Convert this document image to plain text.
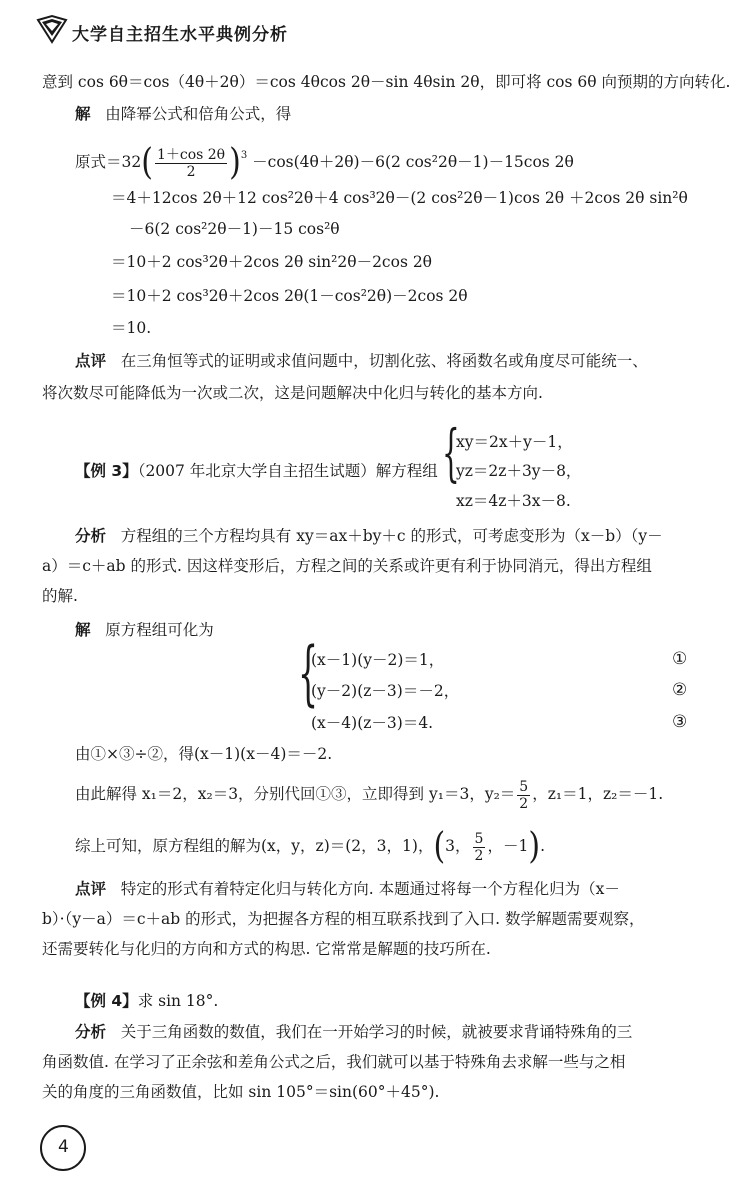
大学自主招生水平典例分析
意到 cos 6θ＝cos（4θ＋2θ）＝cos 4θcos 2θ－sin 4θsin 2θ，即可将 cos 6θ 向预期的方向转化.
解 由降幂公式和倍角公式，得
原式$=32( \frac{1+\cos 2\theta}{2} )^3 -\cos(4\theta+2\theta)-6(2$ cos²2θ－1)－15cos 2θ
＝4＋12cos 2θ＋12 cos²2θ＋4 cos³2θ－(2 cos²2θ－1)cos 2θ ＋2cos 2θ sin²θ
－6(2 cos²2θ－1)－15 cos²θ
＝10＋2 cos³2θ＋2cos 2θ sin²2θ－2cos 2θ
＝10＋2 cos³2θ＋2cos 2θ(1－cos²2θ)－2cos 2θ
＝10.
点评 在三角恒等式的证明或求值问题中，切割化弦、将函数名或角度尽可能统一、
将次数尽可能降低为一次或二次，这是问题解决中化归与转化的基本方向.
【例 3】（2007 年北京大学自主招生试题）解方程组 {
xy＝2x＋y－1，
yz＝2z＋3y－8，
xz＝4z＋3x－8.
分析 方程组的三个方程均具有 xy＝ax＋by＋c 的形式，可考虑变形为（x－b）（y－
a）＝c＋ab 的形式. 因这样变形后，方程之间的关系或许更有利于协同消元，得出方程组
的解.
解 原方程组可化为
{
(x－1)(y－2)＝1，
(y－2)(z－3)＝－2，
(x－4)(z－3)＝4.
①
②
③
由①×③÷②，得(x－1)(x－4)＝－2.
由此解得 x₁＝2，x₂＝3，分别代回①③，立即得到 y₁＝3，$y_2= \frac{5}{2}$ ，z₁＝1，z₂＝－1.
综上可知，原方程组的解为(x，y，z)＝(2，3，1)，(3， $\frac{5}{2}$ ，－1).
点评 特定的形式有着特定化归与转化方向. 本题通过将每一个方程化归为（x－
b）·（y－a）＝c＋ab 的形式，为把握各方程的相互联系找到了入口. 数学解题需要观察，
还需要转化与化归的方向和方式的构思. 它常常是解题的技巧所在.
【例 4】求 sin 18°.
分析 关于三角函数的数值，我们在一开始学习的时候，就被要求背诵特殊角的三
角函数值. 在学习了正余弦和差角公式之后，我们就可以基于特殊角去求解一些与之相
关的角度的三角函数值，比如 sin 105°＝sin(60°＋45°).
4
